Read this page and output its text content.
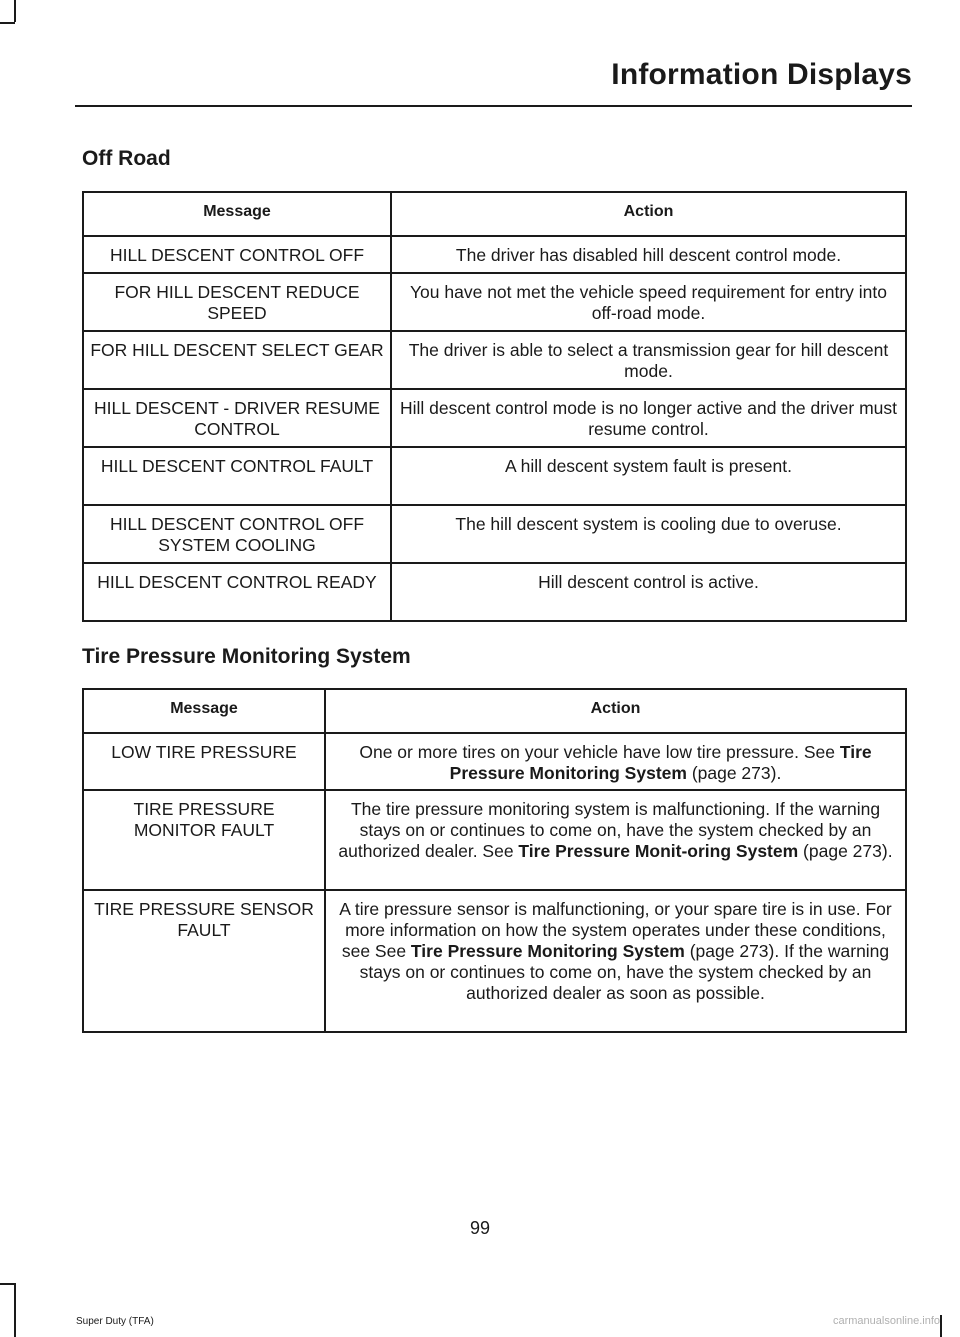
Information Displays
Off Road
Message	Action
HILL DESCENT CONTROL OFF	The driver has disabled hill descent control mode.
FOR HILL DESCENT REDUCE SPEED	You have not met the vehicle speed requirement for entry into off-road mode.
FOR HILL DESCENT SELECT GEAR	The driver is able to select a transmission gear for hill descent mode.
HILL DESCENT - DRIVER RESUME CONTROL	Hill descent control mode is no longer active and the driver must resume control.
HILL DESCENT CONTROL FAULT	A hill descent system fault is present.
HILL DESCENT CONTROL OFF SYSTEM COOLING	The hill descent system is cooling due to overuse.
HILL DESCENT CONTROL READY	Hill descent control is active.
Tire Pressure Monitoring System
Message	Action
LOW TIRE PRESSURE	One or more tires on your vehicle have low tire pressure. See Tire Pressure Monitoring System (page 273).
TIRE PRESSURE MONITOR FAULT	The tire pressure monitoring system is malfunctioning. If the warning stays on or continues to come on, have the system checked by an authorized dealer. See Tire Pressure Monit-oring System (page 273).
TIRE PRESSURE SENSOR FAULT	A tire pressure sensor is malfunctioning, or your spare tire is in use. For more information on how the system operates under these conditions, see See Tire Pressure Monitoring System (page 273). If the warning stays on or continues to come on, have the system checked by an authorized dealer as soon as possible.
99
Super Duty (TFA)	carmanualsonline.info
